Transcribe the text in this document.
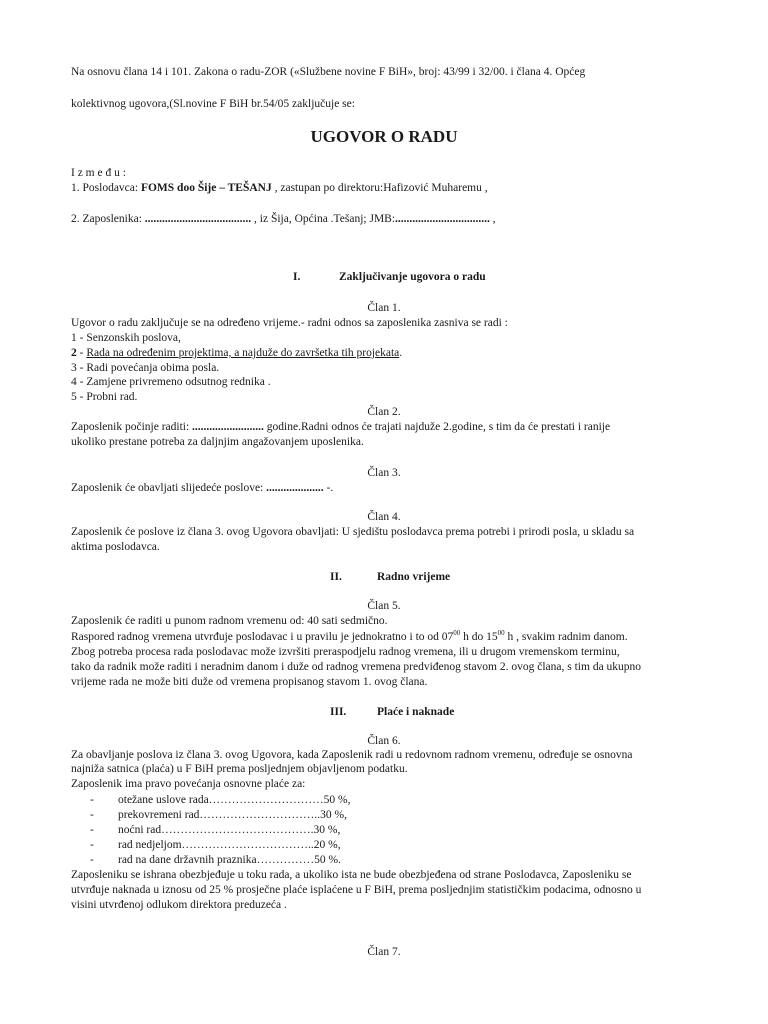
Na osnovu člana 14 i 101. Zakona o radu-ZOR («Službene novine F BiH», broj: 43/99 i 32/00. i člana 4. Općeg
kolektivnog ugovora,(Sl.novine F BiH br.54/05 zaključuje se:
UGOVOR O RADU
I z m e đ u :
1. Poslodavca: FOMS doo Šije – TEŠANJ , zastupan po direktoru:Hafizović Muharemu ,
2. Zaposlenika: ..................................... , iz Šija, Općina .Tešanj; JMB:................................. ,
I.	Zaključivanje ugovora o radu
Član 1.
Ugovor o radu zaključuje se na određeno vrijeme.- radni odnos sa zaposlenika zasniva se radi :
1 - Senzonskih poslova,
2 - Rada na određenim projektima, a najduže do završetka tih projekata.
3 - Radi povećanja obima posla.
4 - Zamjene privremeno odsutnog rednika .
5 - Probni rad.
Član 2.
Zaposlenik počinje raditi: ......................... godine.Radni odnos će trajati najduže 2.godine, s tim da će prestati i ranije
ukoliko prestane potreba za daljnjim angažovanjem uposlenika.
Član 3.
Zaposlenik će obavljati slijedeće poslove: .................... -.
Član 4.
Zaposlenik će poslove iz člana 3. ovog Ugovora obavljati: U sjedištu poslodavca prema potrebi i prirodi posla, u skladu sa
aktima poslodavca.
II.	Radno vrijeme
Član 5.
Zaposlenik će raditi u punom radnom vremenu od: 40 sati sedmično.
Raspored radnog vremena utvrđuje poslodavac i u pravilu je jednokratno i to od $07^{00}$ h do $15^{00}$ h , svakim radnim danom.
Zbog potreba procesa rada poslodavac može izvršiti preraspodjelu radnog vremena, ili u drugom vremenskom terminu,
tako da radnik može raditi i neradnim danom i duže od radnog vremena predviđenog stavom 2. ovog člana, s tim da ukupno
vrijeme rada ne može biti duže od vremena propisanog stavom 1. ovog člana.
III.	Plaće i naknade
Član 6.
Za obavljanje poslova iz člana 3. ovog Ugovora, kada Zaposlenik radi u redovnom radnom vremenu, određuje se osnovna
najniža satnica (plaća) u F BiH prema posljednjem objavljenom podatku.
Zaposlenik ima pravo povećanja osnovne plaće za:
- otežane uslove rada…………………………50 %,
- prekovremeni rad…………………………..30 %,
- noćni rad………………………………….30 %,
- rad nedjeljom……………………………..20 %,
- rad na dane državnih praznika……………50 %.
Zaposleniku se ishrana obezbjeđuje u toku rada, a ukoliko ista ne bude obezbjeđena od strane Poslodavca, Zaposleniku se
utvrđuje naknada u iznosu od 25 % prosječne plaće isplaćene u F BiH, prema posljednjim statističkim podacima, odnosno u
visini utvrđenoj odlukom direktora preduzeća .
Član 7.
